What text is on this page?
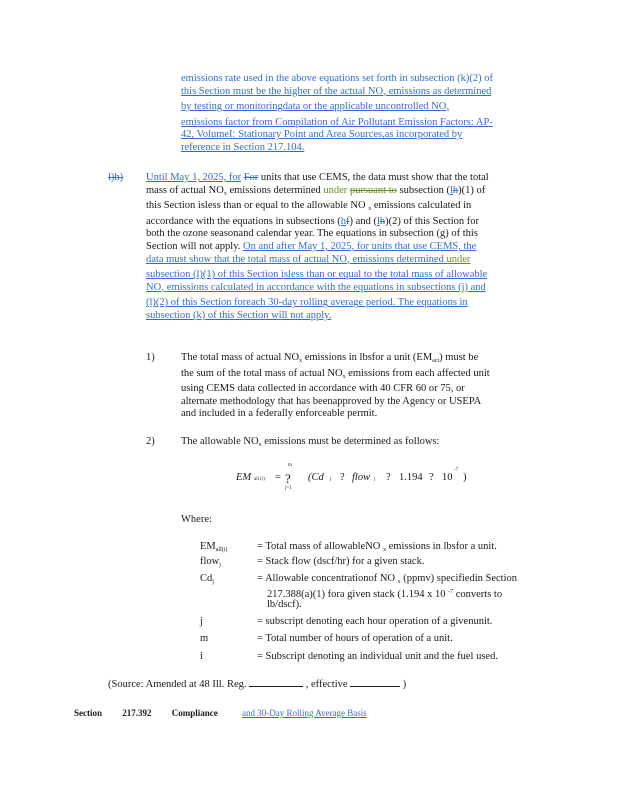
emissions rate used in the above equations set forth in subsection (k)(2) of
this Section must be the higher of the actual $NO_x$ emissions as determined
by testing or monitoringdata or the applicable uncontrolled $NO_x$
emissions factor from Compilation of Air Pollutant Emission Factors: AP-
42, VolumeI: Stationary Point and Area Sources,as incorporated by
reference in Section 217.104.
l)h) Until May 1, 2025, for For units that use CEMS, the data must show that the total
mass of actual $NO_x$ emissions determined under pursuant to subsection (lh)(1) of
this Section isless than or equal to the allowable NO $_x$ emissions calculated in
accordance with the equations in subsections (hf) and (lh)(2) of this Section for
both the ozone seasonand calendar year. The equations in subsection (g) of this
Section will not apply. On and after May 1, 2025, for units that use CEMS, the
data must show that the total mass of actual $NO_x$ emissions determined under
subsection (l)(1) of this Section isless than or equal to the total mass of allowable
$NO_x$ emissions calculated in accordance with the equations in subsections (j) and
(l)(2) of this Section foreach 30-day rolling average period. The equations in
subsection (k) of this Section will not apply.
1)	The total mass of actual $NO_x$ emissions in lbsfor a unit $(EM_{act})$ must be
the sum of the total mass of actual $NO_x$ emissions from each affected unit
using CEMS data collected in accordance with 40 CFR 60 or 75, or
alternate methodology that has beenapproved by the Agency or USEPA
and included in a federally enforceable permit.
2)	The allowable $NO_x$ emissions must be determined as follows:
EM all (i) =
m
?
j=1
(Cd j ? flow j ? 1.194 ? 10
-7
)
Where:
$EM_{all(i)}$	= Total mass of allowableNO $_x$ emissions in lbsfor a unit.
flow$_j$	= Stack flow (dscf/hr) for a given stack.
$Cd_j$	= Allowable concentrationof NO $_x$ (ppmv) specifiedin Section
217.388(a)(1) fora given stack (1.194 x 10 $^{-7}$ converts to
lb/dscf).
j	= subscript denoting each hour operation of a givenunit.
m	= Total number of hours of operation of a unit.
i	= Subscript denoting an individual unit and the fuel used.
(Source: Amended at 48 Ill. Reg.	, effective	)
Section 217.392 Compliance	and 30-Day Rolling Average Basis
